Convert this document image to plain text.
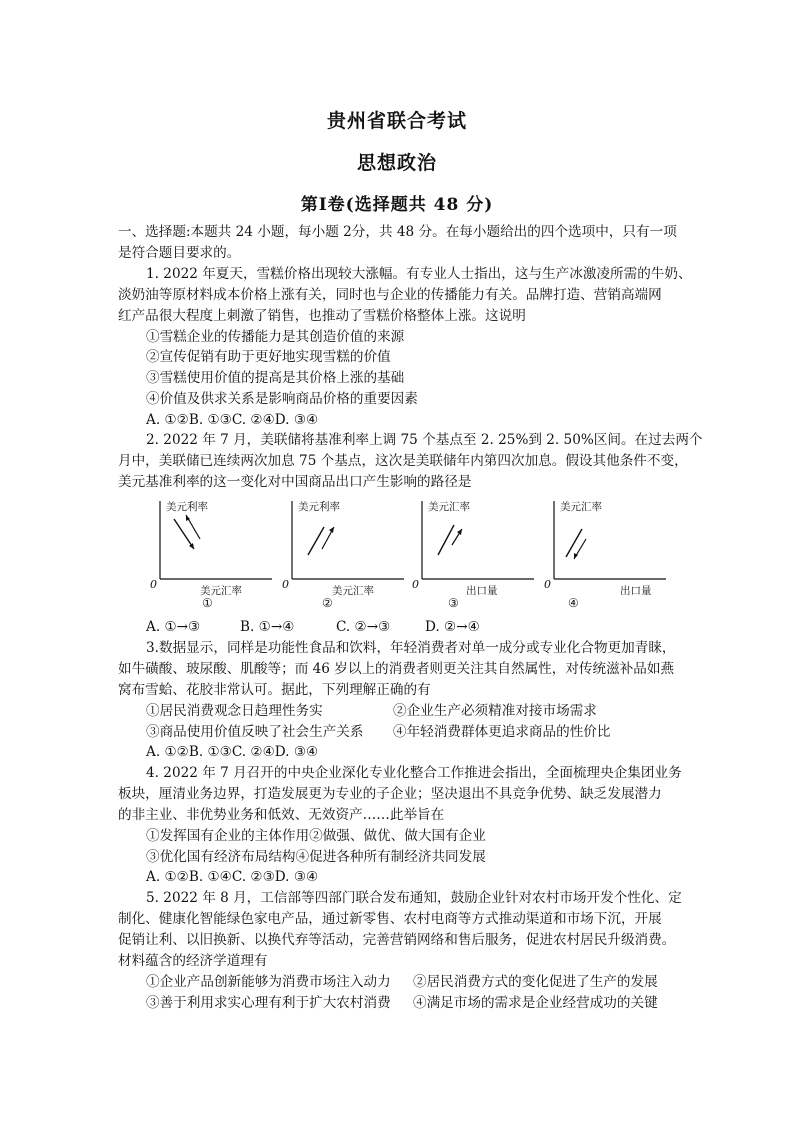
贵州省联合考试
思想政治
第I卷(选择题共 48 分)
一、选择题:本题共 24 小题，每小题 2分，共 48 分。在每小题给出的四个选项中，只有一项
是符合题目要求的。
1. 2022 年夏天，雪糕价格出现较大涨幅。有专业人士指出，这与生产冰激凌所需的牛奶、
淡奶油等原材料成本价格上涨有关，同时也与企业的传播能力有关。品牌打造、营销高端网
红产品很大程度上刺激了销售，也推动了雪糕价格整体上涨。这说明
①雪糕企业的传播能力是其创造价值的来源
②宣传促销有助于更好地实现雪糕的价值
③雪糕使用价值的提高是其价格上涨的基础
④价值及供求关系是影响商品价格的重要因素
A. ①②B. ①③C. ②④D. ③④
2. 2022 年 7 月，美联储将基准利率上调 75 个基点至 2. 25%到 2. 50%区间。在过去两个
月中，美联储已连续两次加息 75 个基点，这次是美联储年内第四次加息。假设其他条件不变，
美元基准利率的这一变化对中国商品出口产生影响的路径是
美元利率
0	美元汇率
①
美元利率
0	美元汇率
②
美元汇率
0	出口量
③
美元汇率
0	出口量
④
A. ①→③	B. ①→④	C. ②→③	D. ②→④
3.数据显示，同样是功能性食品和饮料，年轻消费者对单一成分或专业化合物更加青睐，
如牛磺酸、玻尿酸、肌酸等；而 46 岁以上的消费者则更关注其自然属性，对传统滋补品如燕
窝布雪蛤、花胶非常认可。据此，下列理解正确的有
①居民消费观念日趋理性务实	②企业生产必须精准对接市场需求
③商品使用价值反映了社会生产关系 ④年轻消费群体更追求商品的性价比
A. ①②B. ①③C. ②④D. ③④
4. 2022 年 7 月召开的中央企业深化专业化整合工作推进会指出，全面梳理央企集团业务
板块，厘清业务边界，打造发展更为专业的子企业；坚决退出不具竞争优势、缺乏发展潜力
的非主业、非优势业务和低效、无效资产……此举旨在
①发挥国有企业的主体作用②做强、做优、做大国有企业
③优化国有经济布局结构④促进各种所有制经济共同发展
A. ①②B. ①④C. ②③D. ③④
5. 2022 年 8 月，工信部等四部门联合发布通知，鼓励企业针对农村市场开发个性化、定
制化、健康化智能绿色家电产品，通过新零售、农村电商等方式推动渠道和市场下沉，开展
促销让利、以旧换新、以换代弃等活动，完善营销网络和售后服务，促进农村居民升级消费。
材料蕴含的经济学道理有
①企业产品创新能够为消费市场注入动力 ②居民消费方式的变化促进了生产的发展
③善于利用求实心理有利于扩大农村消费 ④满足市场的需求是企业经营成功的关键
